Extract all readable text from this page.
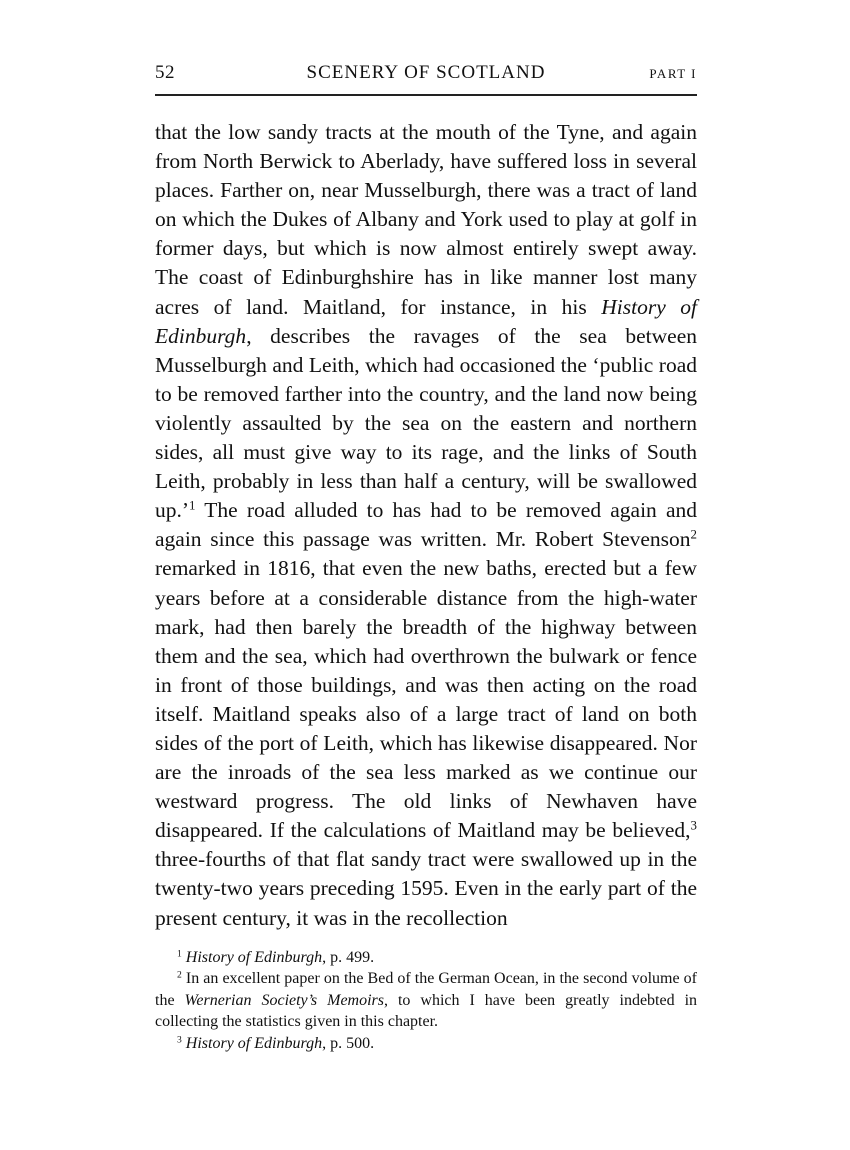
52	SCENERY OF SCOTLAND	PART I

that the low sandy tracts at the mouth of the Tyne, and again from North Berwick to Aberlady, have suffered loss in several places. Farther on, near Musselburgh, there was a tract of land on which the Dukes of Albany and York used to play at golf in former days, but which is now almost entirely swept away. The coast of Edinburghshire has in like manner lost many acres of land. Maitland, for instance, in his History of Edinburgh, describes the ravages of the sea between Musselburgh and Leith, which had occasioned the ‘public road to be removed farther into the country, and the land now being violently assaulted by the sea on the eastern and northern sides, all must give way to its rage, and the links of South Leith, probably in less than half a century, will be swallowed up.’$^1$ The road alluded to has had to be removed again and again since this passage was written. Mr. Robert Stevenson$^2$ remarked in 1816, that even the new baths, erected but a few years before at a considerable distance from the high-water mark, had then barely the breadth of the highway between them and the sea, which had overthrown the bulwark or fence in front of those buildings, and was then acting on the road itself. Maitland speaks also of a large tract of land on both sides of the port of Leith, which has likewise disappeared. Nor are the inroads of the sea less marked as we continue our westward progress. The old links of Newhaven have disappeared. If the calculations of Maitland may be believed,$^3$ three-fourths of that flat sandy tract were swallowed up in the twenty-two years preceding 1595. Even in the early part of the present century, it was in the recollection

$^1$ History of Edinburgh, p. 499.

$^2$ In an excellent paper on the Bed of the German Ocean, in the second volume of the Wernerian Society’s Memoirs, to which I have been greatly indebted in collecting the statistics given in this chapter.

$^3$ History of Edinburgh, p. 500.
